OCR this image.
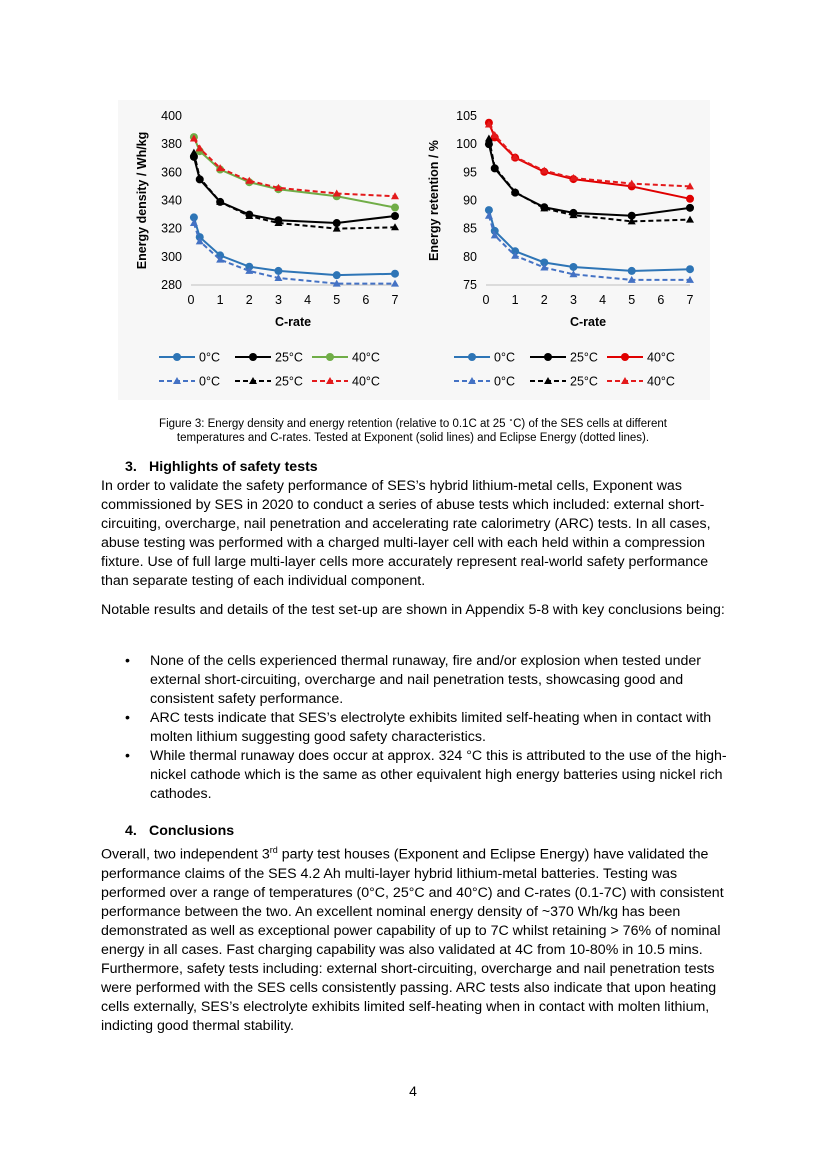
280
300
320
340
360
380
400
0 1 2 3 4 5 6 7
C-rate
Energy density / Wh/kg
0°C	25°C	40°C
0°C	25°C	40°C
75
80
85
90
95
100
105
0 1 2 3 4 5 6 7
C-rate
Energy retention / %
0°C	25°C	40°C
0°C	25°C	40°C
Figure 3: Energy density and energy retention (relative to 0.1C at 25 ∘C) of the SES cells at different
temperatures and C-rates. Tested at Exponent (solid lines) and Eclipse Energy (dotted lines).
3. Highlights of safety tests

In order to validate the safety performance of SES’s hybrid lithium-metal cells, Exponent was commissioned by SES in 2020 to conduct a series of abuse tests which included: external short-circuiting, overcharge, nail penetration and accelerating rate calorimetry (ARC) tests. In all cases, abuse testing was performed with a charged multi-layer cell with each held within a compression fixture. Use of full large multi-layer cells more accurately represent real-world safety performance than separate testing of each individual component.

Notable results and details of the test set-up are shown in Appendix 5-8 with key conclusions being:

• None of the cells experienced thermal runaway, fire and/or explosion when tested under external short-circuiting, overcharge and nail penetration tests, showcasing good and consistent safety performance.
• ARC tests indicate that SES’s electrolyte exhibits limited self-heating when in contact with molten lithium suggesting good safety characteristics.
• While thermal runaway does occur at approx. 324 °C this is attributed to the use of the high-nickel cathode which is the same as other equivalent high energy batteries using nickel rich cathodes.
4. Conclusions

Overall, two independent 3rd party test houses (Exponent and Eclipse Energy) have validated the performance claims of the SES 4.2 Ah multi-layer hybrid lithium-metal batteries. Testing was performed over a range of temperatures (0°C, 25°C and 40°C) and C-rates (0.1-7C) with consistent performance between the two. An excellent nominal energy density of ~370 Wh/kg has been demonstrated as well as exceptional power capability of up to 7C whilst retaining > 76% of nominal energy in all cases. Fast charging capability was also validated at 4C from 10-80% in 10.5 mins. Furthermore, safety tests including: external short-circuiting, overcharge and nail penetration tests were performed with the SES cells consistently passing. ARC tests also indicate that upon heating cells externally, SES’s electrolyte exhibits limited self-heating when in contact with molten lithium, indicting good thermal stability.

4
